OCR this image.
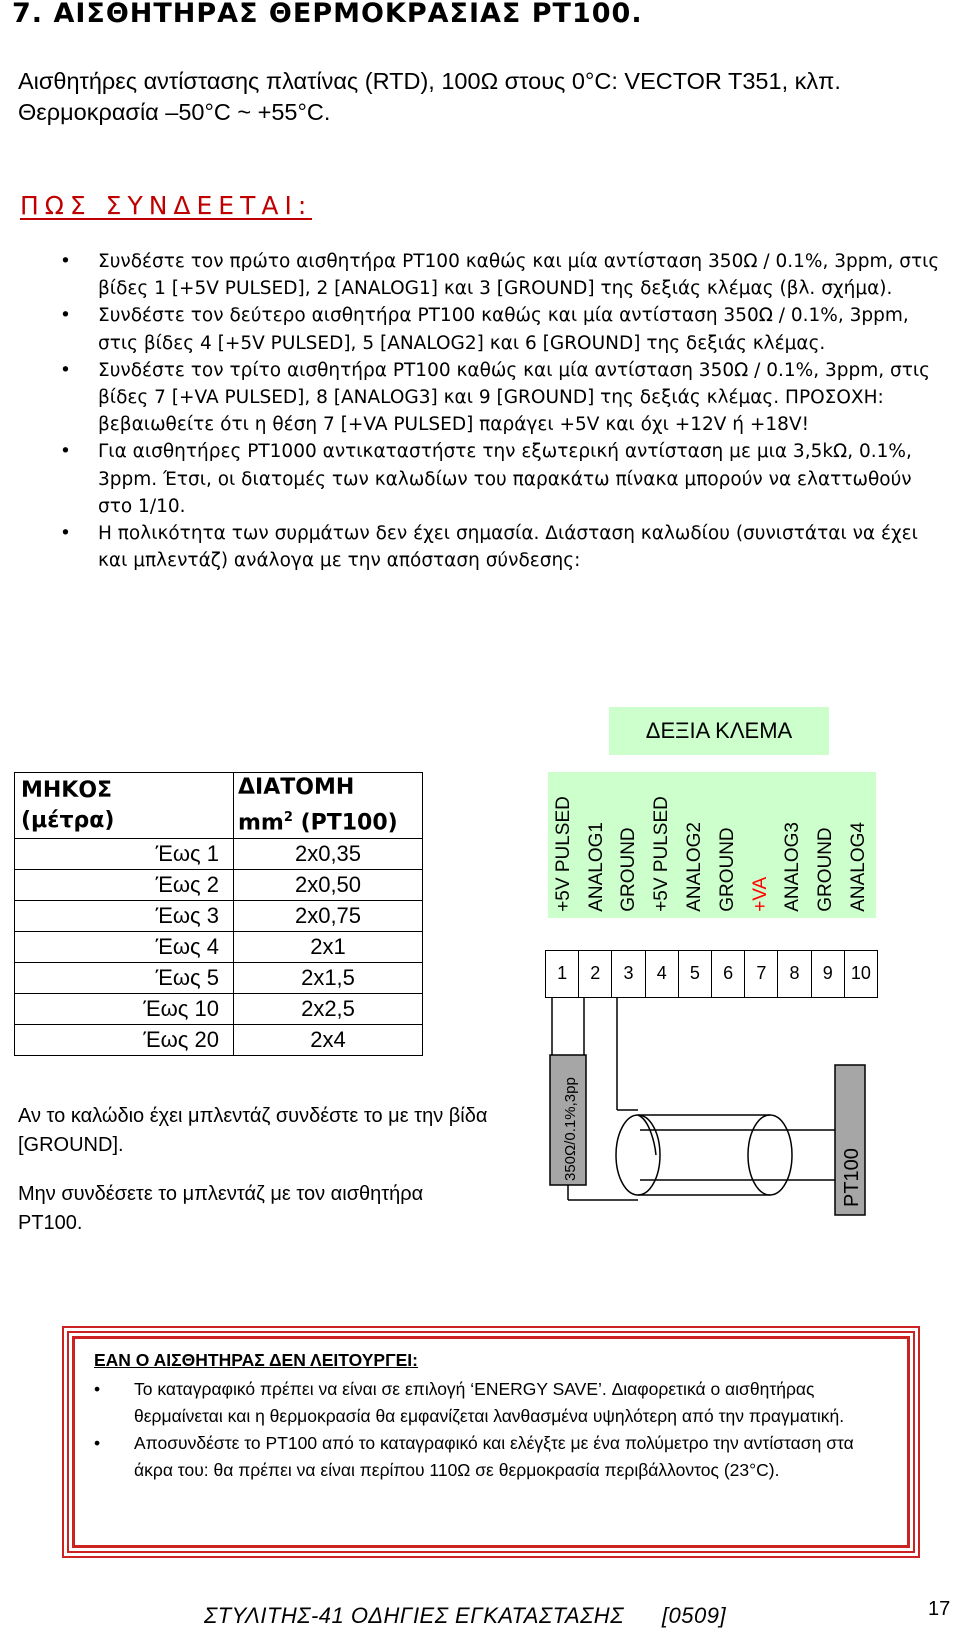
7. ΑΙΣΘΗΤΗΡΑΣ ΘΕΡΜΟΚΡΑΣΙΑΣ PT100.
Αισθητήρες αντίστασης πλατίνας (RTD), 100Ω στους 0°C: VECTOR T351, κλπ. Θερμοκρασία –50°C ~ +55°C.
ΠΩΣ ΣΥΝΔΕΕΤΑΙ:
• Συνδέστε τον πρώτο αισθητήρα PT100 καθώς και μία αντίσταση 350Ω / 0.1%, 3ppm, στις βίδες 1 [+5V PULSED], 2 [ANALOG1] και 3 [GROUND] της δεξιάς κλέμας (βλ. σχήμα).
• Συνδέστε τον δεύτερο αισθητήρα PT100 καθώς και μία αντίσταση 350Ω / 0.1%, 3ppm, στις βίδες 4 [+5V PULSED], 5 [ANALOG2] και 6 [GROUND] της δεξιάς κλέμας.
• Συνδέστε τον τρίτο αισθητήρα PT100 καθώς και μία αντίσταση 350Ω / 0.1%, 3ppm, στις βίδες 7 [+VA PULSED], 8 [ANALOG3] και 9 [GROUND] της δεξιάς κλέμας. ΠΡΟΣΟΧΗ: βεβαιωθείτε ότι η θέση 7 [+VA PULSED] παράγει +5V και όχι +12V ή +18V!
• Για αισθητήρες PT1000 αντικαταστήστε την εξωτερική αντίσταση με μια 3,5kΩ, 0.1%, 3ppm. Έτσι, οι διατομές των καλωδίων του παρακάτω πίνακα μπορούν να ελαττωθούν στο 1/10.
• Η πολικότητα των συρμάτων δεν έχει σημασία. Διάσταση καλωδίου (συνιστάται να έχει και μπλεντάζ) ανάλογα με την απόσταση σύνδεσης:
ΔΕΞΙΑ ΚΛΕΜΑ
ΜΗΚΟΣ
(μέτρα)	ΔΙΑΤΟΜΗ
$mm^2$ (PT100)
Έως 1	2x0,35
Έως 2	2x0,50
Έως 3	2x0,75
Έως 4	2x1
Έως 5	2x1,5
Έως 10	2x2,5
Έως 20	2x4
+5V PULSED ANALOG1 GROUND +5V PULSED ANALOG2 GROUND +VA ANALOG3 GROUND ANALOG4
1	2	3	4	5	6	7	8	9	10
350Ω/0.1%,3pp	PT100
Αν το καλώδιο έχει μπλεντάζ συνδέστε το με την βίδα [GROUND].
Μην συνδέσετε το μπλεντάζ με τον αισθητήρα PT100.
ΕΑΝ Ο ΑΙΣΘΗΤΗΡΑΣ ΔΕΝ ΛΕΙΤΟΥΡΓΕΙ:
• Το καταγραφικό πρέπει να είναι σε επιλογή ‘ENERGY SAVE’. Διαφορετικά ο αισθητήρας θερμαίνεται και η θερμοκρασία θα εμφανίζεται λανθασμένα υψηλότερη από την πραγματική.
• Αποσυνδέστε το PT100 από το καταγραφικό και ελέγξτε με ένα πολύμετρο την αντίσταση στα άκρα του: θα πρέπει να είναι περίπου 110Ω σε θερμοκρασία περιβάλλοντος (23°C).
ΣΤΥΛΙΤΗΣ-41 ΟΔΗΓΙΕΣ ΕΓΚΑΤΑΣΤΑΣΗΣ [0509]	17
